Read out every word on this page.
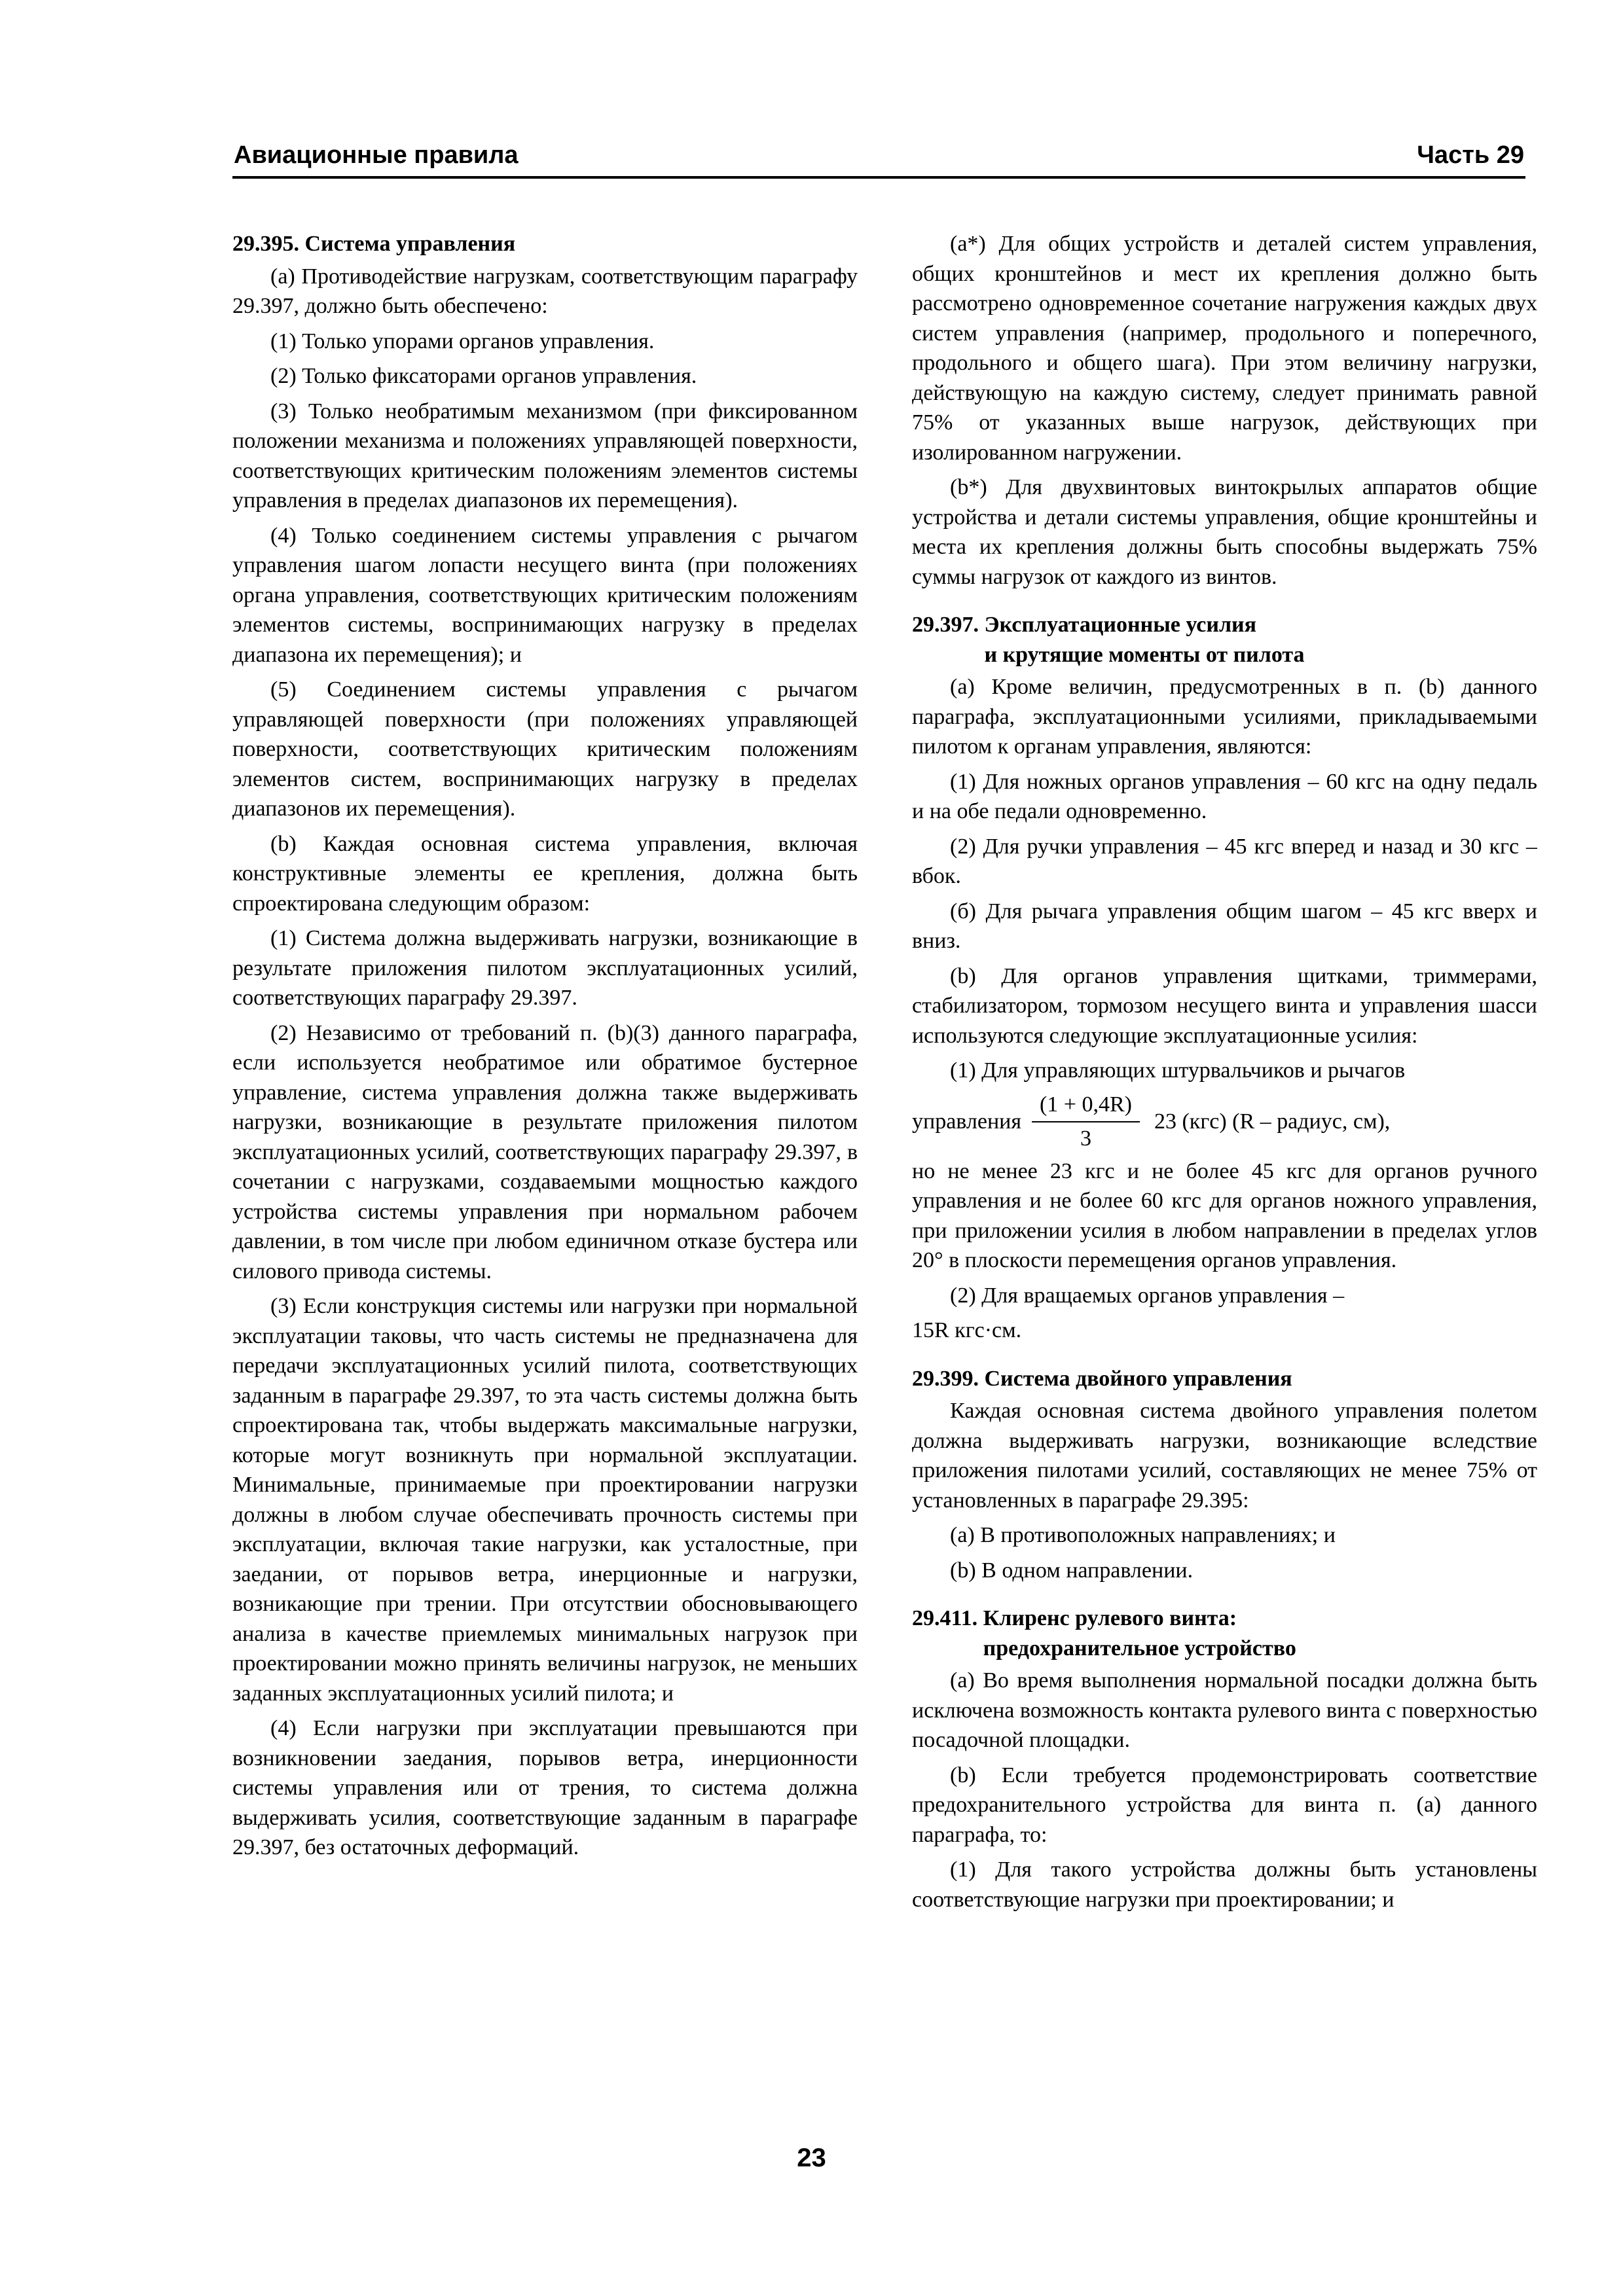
Авиационные правила	Часть 29
29.395. Система управления

(a) Противодействие нагрузкам, соответствующим параграфу 29.397, должно быть обеспечено:

(1) Только упорами органов управления.

(2) Только фиксаторами органов управления.

(3) Только необратимым механизмом (при фиксированном положении механизма и положениях управляющей поверхности, соответствующих критическим положениям элементов системы управления в пределах диапазонов их перемещения).

(4) Только соединением системы управления с рычагом управления шагом лопасти несущего винта (при положениях органа управления, соответствующих критическим положениям элементов системы, воспринимающих нагрузку в пределах диапазона их перемещения); и

(5) Соединением системы управления с рычагом управляющей поверхности (при положениях управляющей поверхности, соответствующих критическим положениям элементов систем, воспринимающих нагрузку в пределах диапазонов их перемещения).

(b) Каждая основная система управления, включая конструктивные элементы ее крепления, должна быть спроектирована следующим образом:

(1) Система должна выдерживать нагрузки, возникающие в результате приложения пилотом эксплуатационных усилий, соответствующих параграфу 29.397.

(2) Независимо от требований п. (b)(3) данного параграфа, если используется необратимое или обратимое бустерное управление, система управления должна также выдерживать нагрузки, возникающие в результате приложения пилотом эксплуатационных усилий, соответствующих параграфу 29.397, в сочетании с нагрузками, создаваемыми мощностью каждого устройства системы управления при нормальном рабочем давлении, в том числе при любом единичном отказе бустера или силового привода системы.

(3) Если конструкция системы или нагрузки при нормальной эксплуатации таковы, что часть системы не предназначена для передачи эксплуатационных усилий пилота, соответствующих заданным в параграфе 29.397, то эта часть системы должна быть спроектирована так, чтобы выдержать максимальные нагрузки, которые могут возникнуть при нормальной эксплуатации. Минимальные, принимаемые при проектировании нагрузки должны в любом случае обеспечивать прочность системы при эксплуатации, включая такие нагрузки, как усталостные, при заедании, от порывов ветра, инерционные и нагрузки, возникающие при трении. При отсутствии обосновывающего анализа в качестве приемлемых минимальных нагрузок при проектировании можно принять величины нагрузок, не меньших заданных эксплуатационных усилий пилота; и

(4) Если нагрузки при эксплуатации превышаются при возникновении заедания, порывов ветра, инерционности системы управления или от трения, то система должна выдерживать усилия, соответствующие заданным в параграфе 29.397, без остаточных деформаций.

(a*) Для общих устройств и деталей систем управления, общих кронштейнов и мест их крепления должно быть рассмотрено одновременное сочетание нагружения каждых двух систем управления (например, продольного и поперечного, продольного и общего шага). При этом величину нагрузки, действующую на каждую систему, следует принимать равной 75% от указанных выше нагрузок, действующих при изолированном нагружении.

(b*) Для двухвинтовых винтокрылых аппаратов общие устройства и детали системы управления, общие кронштейны и места их крепления должны быть способны выдержать 75% суммы нагрузок от каждого из винтов.

29.397. Эксплуатационные усилия
и крутящие моменты от пилота

(a) Кроме величин, предусмотренных в п. (b) данного параграфа, эксплуатационными усилиями, прикладываемыми пилотом к органам управления, являются:

(1) Для ножных органов управления – 60 кгс на одну педаль и на обе педали одновременно.

(2) Для ручки управления – 45 кгс вперед и назад и 30 кгс – вбок.

(б) Для рычага управления общим шагом – 45 кгс вверх и вниз.

(b) Для органов управления щитками, триммерами, стабилизатором, тормозом несущего винта и управления шасси используются следующие эксплуатационные усилия:

(1) Для управляющих штурвальчиков и рычагов

управления $\frac{(1 + 0,4R)}{3} 23$ (кгс) (R – радиус, см),

но не менее 23 кгс и не более 45 кгс для органов ручного управления и не более 60 кгс для органов ножного управления, при приложении усилия в любом направлении в пределах углов 20° в плоскости перемещения органов управления.

(2) Для вращаемых органов управления –

15R кгс·см.

29.399. Система двойного управления

Каждая основная система двойного управления полетом должна выдерживать нагрузки, возникающие вследствие приложения пилотами усилий, составляющих не менее 75% от установленных в параграфе 29.395:

(a) В противоположных направлениях; и

(b) В одном направлении.

29.411. Клиренс рулевого винта:
предохранительное устройство

(a) Во время выполнения нормальной посадки должна быть исключена возможность контакта рулевого винта с поверхностью посадочной площадки.

(b) Если требуется продемонстрировать соответствие предохранительного устройства для винта п. (a) данного параграфа, то:

(1) Для такого устройства должны быть установлены соответствующие нагрузки при проектировании; и

23
